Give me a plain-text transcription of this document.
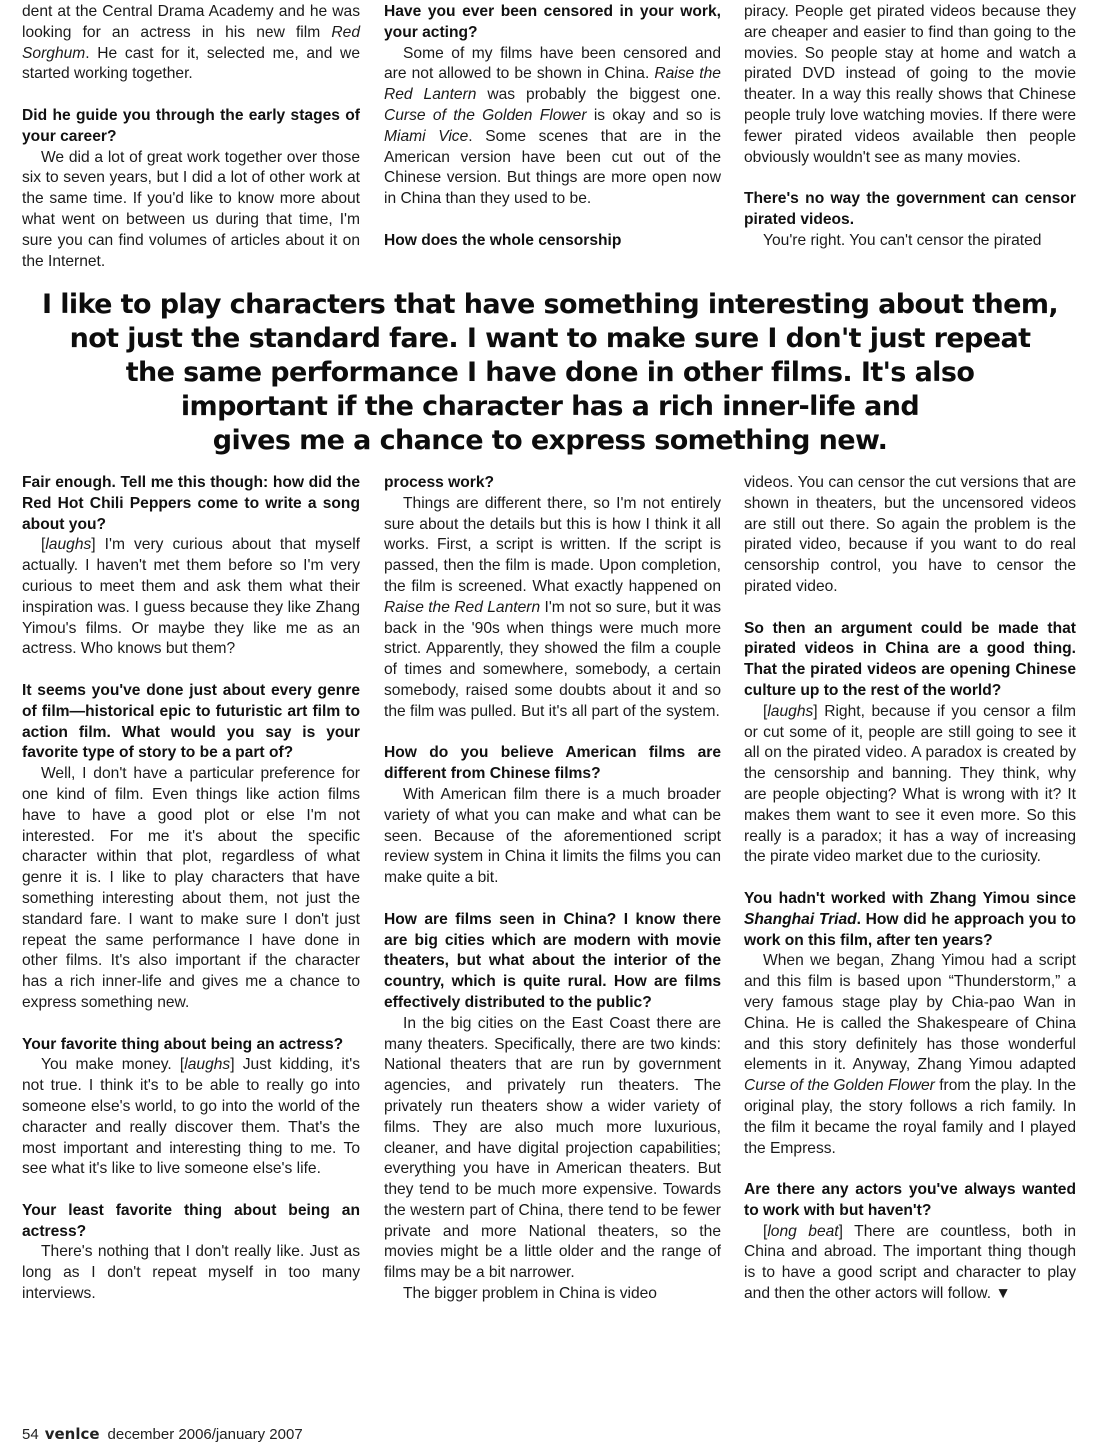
dent at the Central Drama Academy and he was looking for an actress in his new film Red Sorghum. He cast for it, selected me, and we started working together.

Did he guide you through the early stages of your career?

We did a lot of great work together over those six to seven years, but I did a lot of other work at the same time. If you'd like to know more about what went on between us during that time, I'm sure you can find volumes of articles about it on the Internet.

Have you ever been censored in your work, your acting?

Some of my films have been censored and are not allowed to be shown in China. Raise the Red Lantern was probably the biggest one. Curse of the Golden Flower is okay and so is Miami Vice. Some scenes that are in the American version have been cut out of the Chinese version. But things are more open now in China than they used to be.

How does the whole censorship

piracy. People get pirated videos because they are cheaper and easier to find than going to the movies. So people stay at home and watch a pirated DVD instead of going to the movie theater. In a way this really shows that Chinese people truly love watching movies. If there were fewer pirated videos available then people obviously wouldn't see as many movies.

There's no way the government can censor pirated videos.

You're right. You can't censor the pirated

I like to play characters that have something interesting about them,
not just the standard fare. I want to make sure I don't just repeat
the same performance I have done in other films. It's also
important if the character has a rich inner-life and
gives me a chance to express something new.

Fair enough. Tell me this though: how did the Red Hot Chili Peppers come to write a song about you?

[laughs] I'm very curious about that myself actually. I haven't met them before so I'm very curious to meet them and ask them what their inspiration was. I guess because they like Zhang Yimou's films. Or maybe they like me as an actress. Who knows but them?

It seems you've done just about every genre of film—historical epic to futuristic art film to action film. What would you say is your favorite type of story to be a part of?

Well, I don't have a particular preference for one kind of film. Even things like action films have to have a good plot or else I'm not interested. For me it's about the specific character within that plot, regardless of what genre it is. I like to play characters that have something interesting about them, not just the standard fare. I want to make sure I don't just repeat the same performance I have done in other films. It's also important if the character has a rich inner-life and gives me a chance to express something new.

Your favorite thing about being an actress?

You make money. [laughs] Just kidding, it's not true. I think it's to be able to really go into someone else's world, to go into the world of the character and really discover them. That's the most important and interesting thing to me. To see what it's like to live someone else's life.

Your least favorite thing about being an actress?

There's nothing that I don't really like. Just as long as I don't repeat myself in too many interviews.

process work?

Things are different there, so I'm not entirely sure about the details but this is how I think it all works. First, a script is written. If the script is passed, then the film is made. Upon completion, the film is screened. What exactly happened on Raise the Red Lantern I'm not so sure, but it was back in the '90s when things were much more strict. Apparently, they showed the film a couple of times and somewhere, somebody, a certain somebody, raised some doubts about it and so the film was pulled. But it's all part of the system.

How do you believe American films are different from Chinese films?

With American film there is a much broader variety of what you can make and what can be seen. Because of the aforementioned script review system in China it limits the films you can make quite a bit.

How are films seen in China? I know there are big cities which are modern with movie theaters, but what about the interior of the country, which is quite rural. How are films effectively distributed to the public?

In the big cities on the East Coast there are many theaters. Specifically, there are two kinds: National theaters that are run by government agencies, and privately run theaters. The privately run theaters show a wider variety of films. They are also much more luxurious, cleaner, and have digital projection capabilities; everything you have in American theaters. But they tend to be much more expensive. Towards the western part of China, there tend to be fewer private and more National theaters, so the movies might be a little older and the range of films may be a bit narrower.

The bigger problem in China is video

videos. You can censor the cut versions that are shown in theaters, but the uncensored videos are still out there. So again the problem is the pirated video, because if you want to do real censorship control, you have to censor the pirated video.

So then an argument could be made that pirated videos in China are a good thing. That the pirated videos are opening Chinese culture up to the rest of the world?

[laughs] Right, because if you censor a film or cut some of it, people are still going to see it all on the pirated video. A paradox is created by the censorship and banning. They think, why are people objecting? What is wrong with it? It makes them want to see it even more. So this really is a paradox; it has a way of increasing the pirate video market due to the curiosity.

You hadn't worked with Zhang Yimou since Shanghai Triad. How did he approach you to work on this film, after ten years?

When we began, Zhang Yimou had a script and this film is based upon “Thunderstorm,” a very famous stage play by Chia-pao Wan in China. He is called the Shakespeare of China and this story definitely has those wonderful elements in it. Anyway, Zhang Yimou adapted Curse of the Golden Flower from the play. In the original play, the story follows a rich family. In the film it became the royal family and I played the Empress.

Are there any actors you've always wanted to work with but haven't?

[long beat] There are countless, both in China and abroad. The important thing though is to have a good script and character to play and then the other actors will follow. ▼

54 venlce december 2006/january 2007
